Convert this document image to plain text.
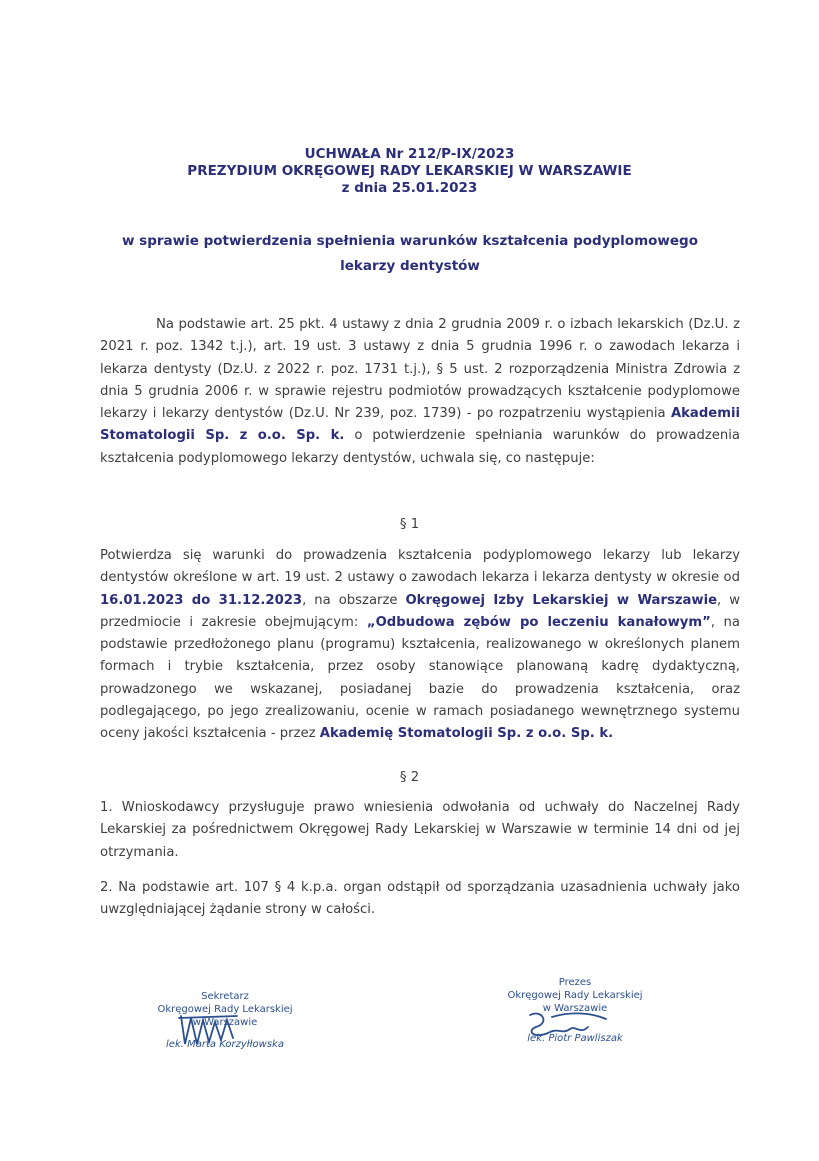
UCHWAŁA Nr 212/P-IX/2023
PREZYDIUM OKRĘGOWEJ RADY LEKARSKIEJ W WARSZAWIE
z dnia 25.01.2023
w sprawie potwierdzenia spełnienia warunków kształcenia podyplomowego
lekarzy dentystów
Na podstawie art. 25 pkt. 4 ustawy z dnia 2 grudnia 2009 r. o izbach lekarskich (Dz.U. z 2021 r. poz. 1342 t.j.), art. 19 ust. 3 ustawy z dnia 5 grudnia 1996 r. o zawodach lekarza i lekarza dentysty (Dz.U. z 2022 r. poz. 1731 t.j.), § 5 ust. 2 rozporządzenia Ministra Zdrowia z dnia 5 grudnia 2006 r. w sprawie rejestru podmiotów prowadzących kształcenie podyplomowe lekarzy i lekarzy dentystów (Dz.U. Nr 239, poz. 1739) - po rozpatrzeniu wystąpienia Akademii Stomatologii Sp. z o.o. Sp. k. o potwierdzenie spełniania warunków do prowadzenia kształcenia podyplomowego lekarzy dentystów, uchwala się, co następuje:
§ 1
Potwierdza się warunki do prowadzenia kształcenia podyplomowego lekarzy lub lekarzy dentystów określone w art. 19 ust. 2 ustawy o zawodach lekarza i lekarza dentysty w okresie od 16.01.2023 do 31.12.2023, na obszarze Okręgowej Izby Lekarskiej w Warszawie, w przedmiocie i zakresie obejmującym: „Odbudowa zębów po leczeniu kanałowym”, na podstawie przedłożonego planu (programu) kształcenia, realizowanego w określonych planem formach i trybie kształcenia, przez osoby stanowiące planowaną kadrę dydaktyczną, prowadzonego we wskazanej, posiadanej bazie do prowadzenia kształcenia, oraz podlegającego, po jego zrealizowaniu, ocenie w ramach posiadanego wewnętrznego systemu oceny jakości kształcenia - przez Akademię Stomatologii Sp. z o.o. Sp. k.
§ 2
1. Wnioskodawcy przysługuje prawo wniesienia odwołania od uchwały do Naczelnej Rady Lekarskiej za pośrednictwem Okręgowej Rady Lekarskiej w Warszawie w terminie 14 dni od jej otrzymania.
2. Na podstawie art. 107 § 4 k.p.a. organ odstąpił od sporządzania uzasadnienia uchwały jako uwzględniającej żądanie strony w całości.
Sekretarz
Okręgowej Rady Lekarskiej
w Warszawie
lek. Marta Korzyłłowska
Prezes
Okręgowej Rady Lekarskiej
w Warszawie
lek. Piotr Pawliszak
